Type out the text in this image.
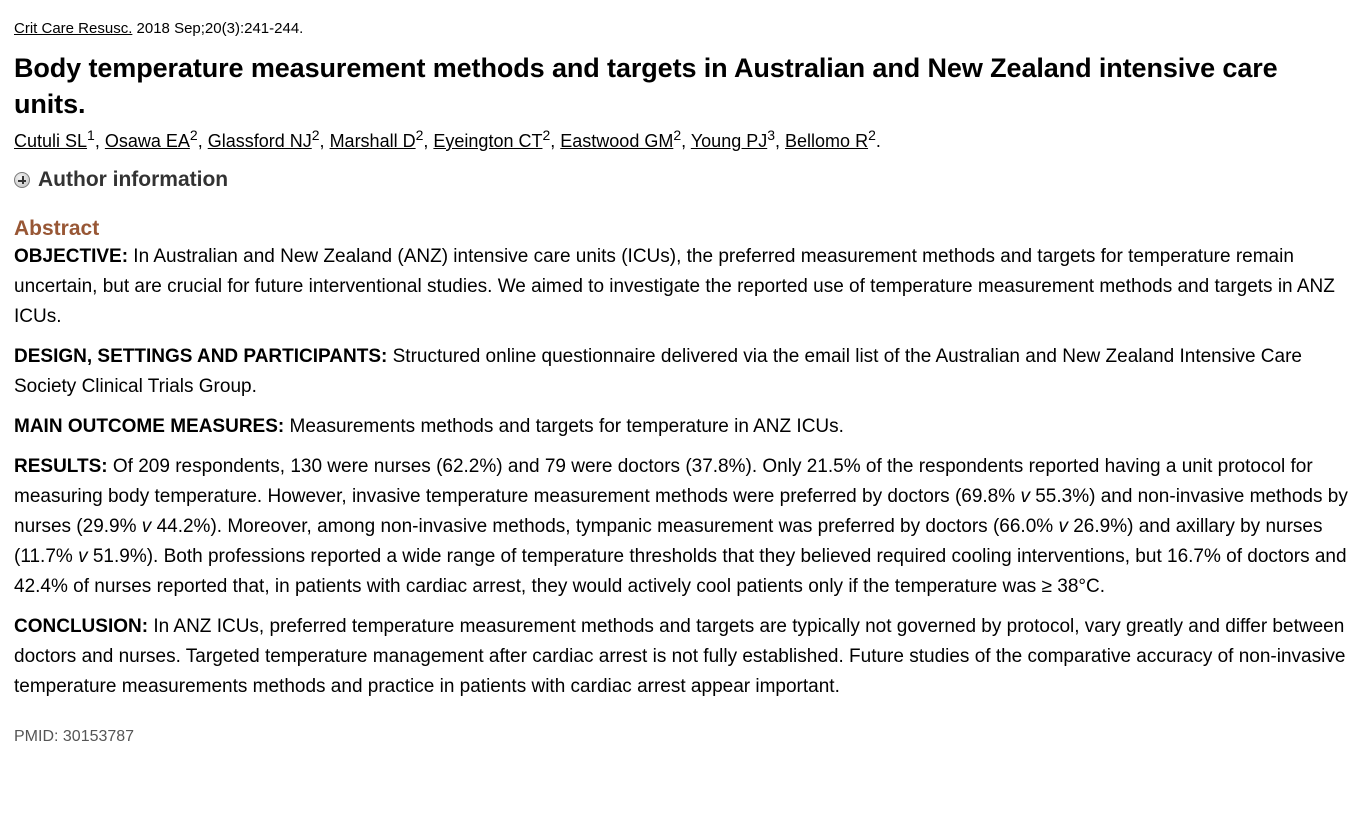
Crit Care Resusc. 2018 Sep;20(3):241-244.

Body temperature measurement methods and targets in Australian and New Zealand intensive care units.
Cutuli $SL^1$, Osawa $EA^2$, Glassford $NJ^2$, Marshall $D^2$, Eyeington $CT^2$, Eastwood $GM^2$, Young $PJ^3$, Bellomo $R^2$.
Author information
Abstract

OBJECTIVE: In Australian and New Zealand (ANZ) intensive care units (ICUs), the preferred measurement methods and targets for temperature remain uncertain, but are crucial for future interventional studies. We aimed to investigate the reported use of temperature measurement methods and targets in ANZ ICUs.

DESIGN, SETTINGS AND PARTICIPANTS: Structured online questionnaire delivered via the email list of the Australian and New Zealand Intensive Care Society Clinical Trials Group.

MAIN OUTCOME MEASURES: Measurements methods and targets for temperature in ANZ ICUs.

RESULTS: Of 209 respondents, 130 were nurses (62.2%) and 79 were doctors (37.8%). Only 21.5% of the respondents reported having a unit protocol for measuring body temperature. However, invasive temperature measurement methods were preferred by doctors (69.8% v 55.3%) and non-invasive methods by nurses (29.9% v 44.2%). Moreover, among non-invasive methods, tympanic measurement was preferred by doctors (66.0% v 26.9%) and axillary by nurses (11.7% v 51.9%). Both professions reported a wide range of temperature thresholds that they believed required cooling interventions, but 16.7% of doctors and 42.4% of nurses reported that, in patients with cardiac arrest, they would actively cool patients only if the temperature was ≥ 38°C.

CONCLUSION: In ANZ ICUs, preferred temperature measurement methods and targets are typically not governed by protocol, vary greatly and differ between doctors and nurses. Targeted temperature management after cardiac arrest is not fully established. Future studies of the comparative accuracy of non-invasive temperature measurements methods and practice in patients with cardiac arrest appear important.

PMID: 30153787
